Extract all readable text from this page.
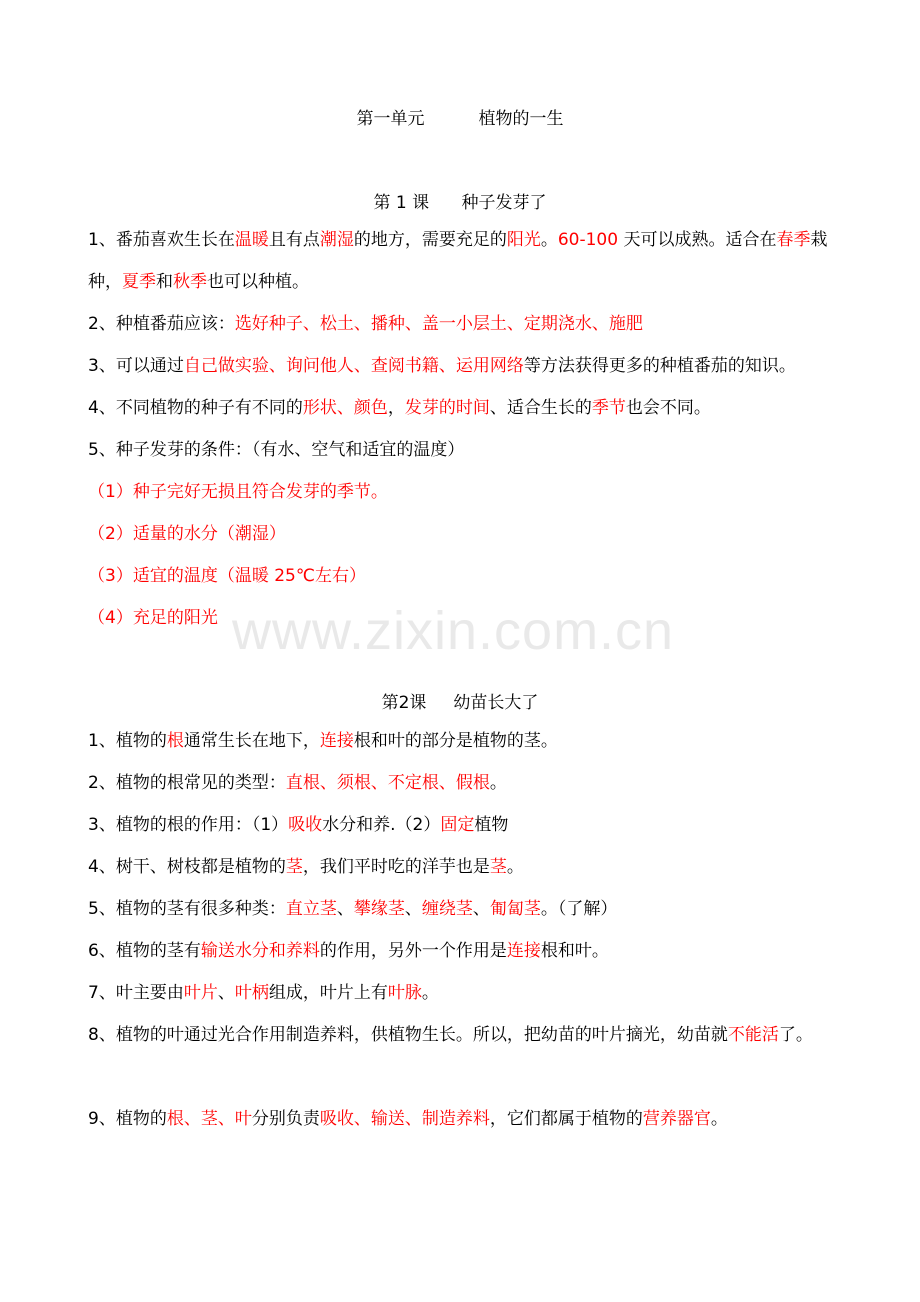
www.zixin.com.cn
第一单元          植物的一生
第 1 课      种子发芽了
1、番茄喜欢生长在温暖且有点潮湿的地方，需要充足的阳光。60-100 天可以成熟。适合在春季栽种，夏季和秋季也可以种植。
2、种植番茄应该：选好种子、松土、播种、盖一小层土、定期浇水、施肥
3、可以通过自己做实验、询问他人、查阅书籍、运用网络等方法获得更多的种植番茄的知识。
4、不同植物的种子有不同的形状、颜色，发芽的时间、适合生长的季节也会不同。
5、种子发芽的条件：（有水、空气和适宜的温度）
（1）种子完好无损且符合发芽的季节。
（2）适量的水分（潮湿）
（3）适宜的温度（温暖 25℃左右）
（4）充足的阳光
第2课     幼苗长大了
1、植物的根通常生长在地下，连接根和叶的部分是植物的茎。
2、植物的根常见的类型：直根、须根、不定根、假根。
3、植物的根的作用：（1）吸收水分和养.（2）固定植物
4、树干、树枝都是植物的茎，我们平时吃的洋芋也是茎。
5、植物的茎有很多种类：直立茎、攀缘茎、缠绕茎、匍匐茎。（了解）
6、植物的茎有输送水分和养料的作用，另外一个作用是连接根和叶。
7、叶主要由叶片、叶柄组成，叶片上有叶脉。
8、植物的叶通过光合作用制造养料，供植物生长。所以，把幼苗的叶片摘光，幼苗就不能活了。
9、植物的根、茎、叶分别负责吸收、输送、制造养料，它们都属于植物的营养器官。
